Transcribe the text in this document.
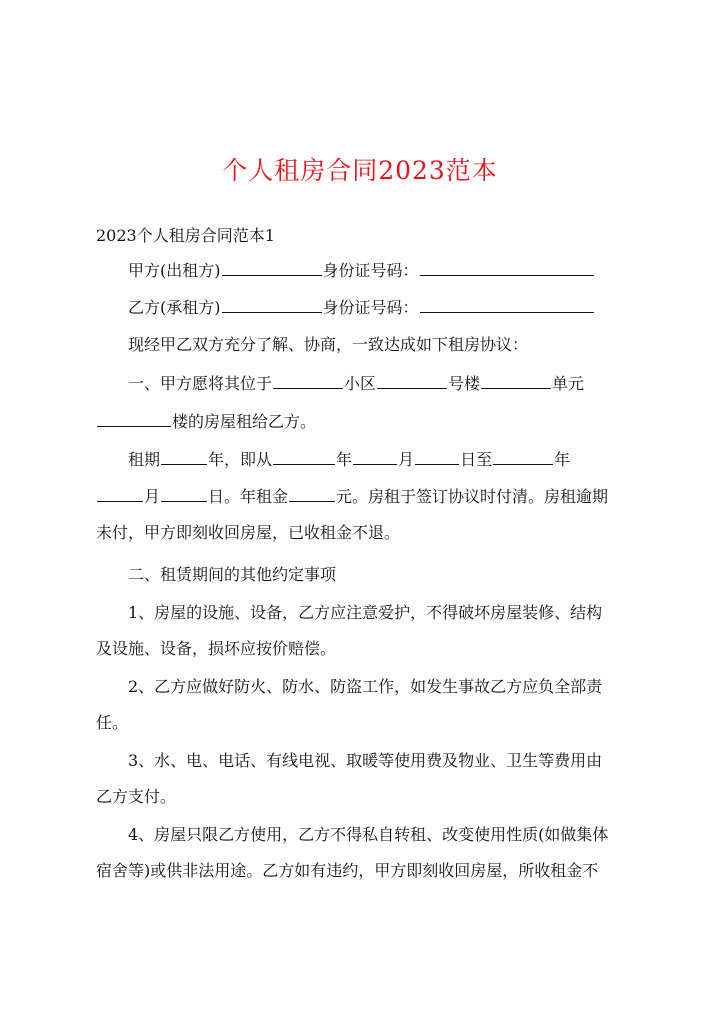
个人租房合同2023范本
2023个人租房合同范本1
甲方(出租方)	身份证号码：
乙方(承租方)	身份证号码：
现经甲乙双方充分了解、协商，一致达成如下租房协议：
一、甲方愿将其位于	小区	号楼	单元
楼的房屋租给乙方。
租期	年，即从	年	月	日至	年
月	日。年租金	元。房租于签订协议时付清。房租逾期
未付，甲方即刻收回房屋，已收租金不退。
二、租赁期间的其他约定事项
1、房屋的设施、设备，乙方应注意爱护，不得破坏房屋装修、结构
及设施、设备，损坏应按价赔偿。
2、乙方应做好防火、防水、防盗工作，如发生事故乙方应负全部责
任。
3、水、电、电话、有线电视、取暖等使用费及物业、卫生等费用由
乙方支付。
4、房屋只限乙方使用，乙方不得私自转租、改变使用性质(如做集体
宿舍等)或供非法用途。乙方如有违约，甲方即刻收回房屋，所收租金不
